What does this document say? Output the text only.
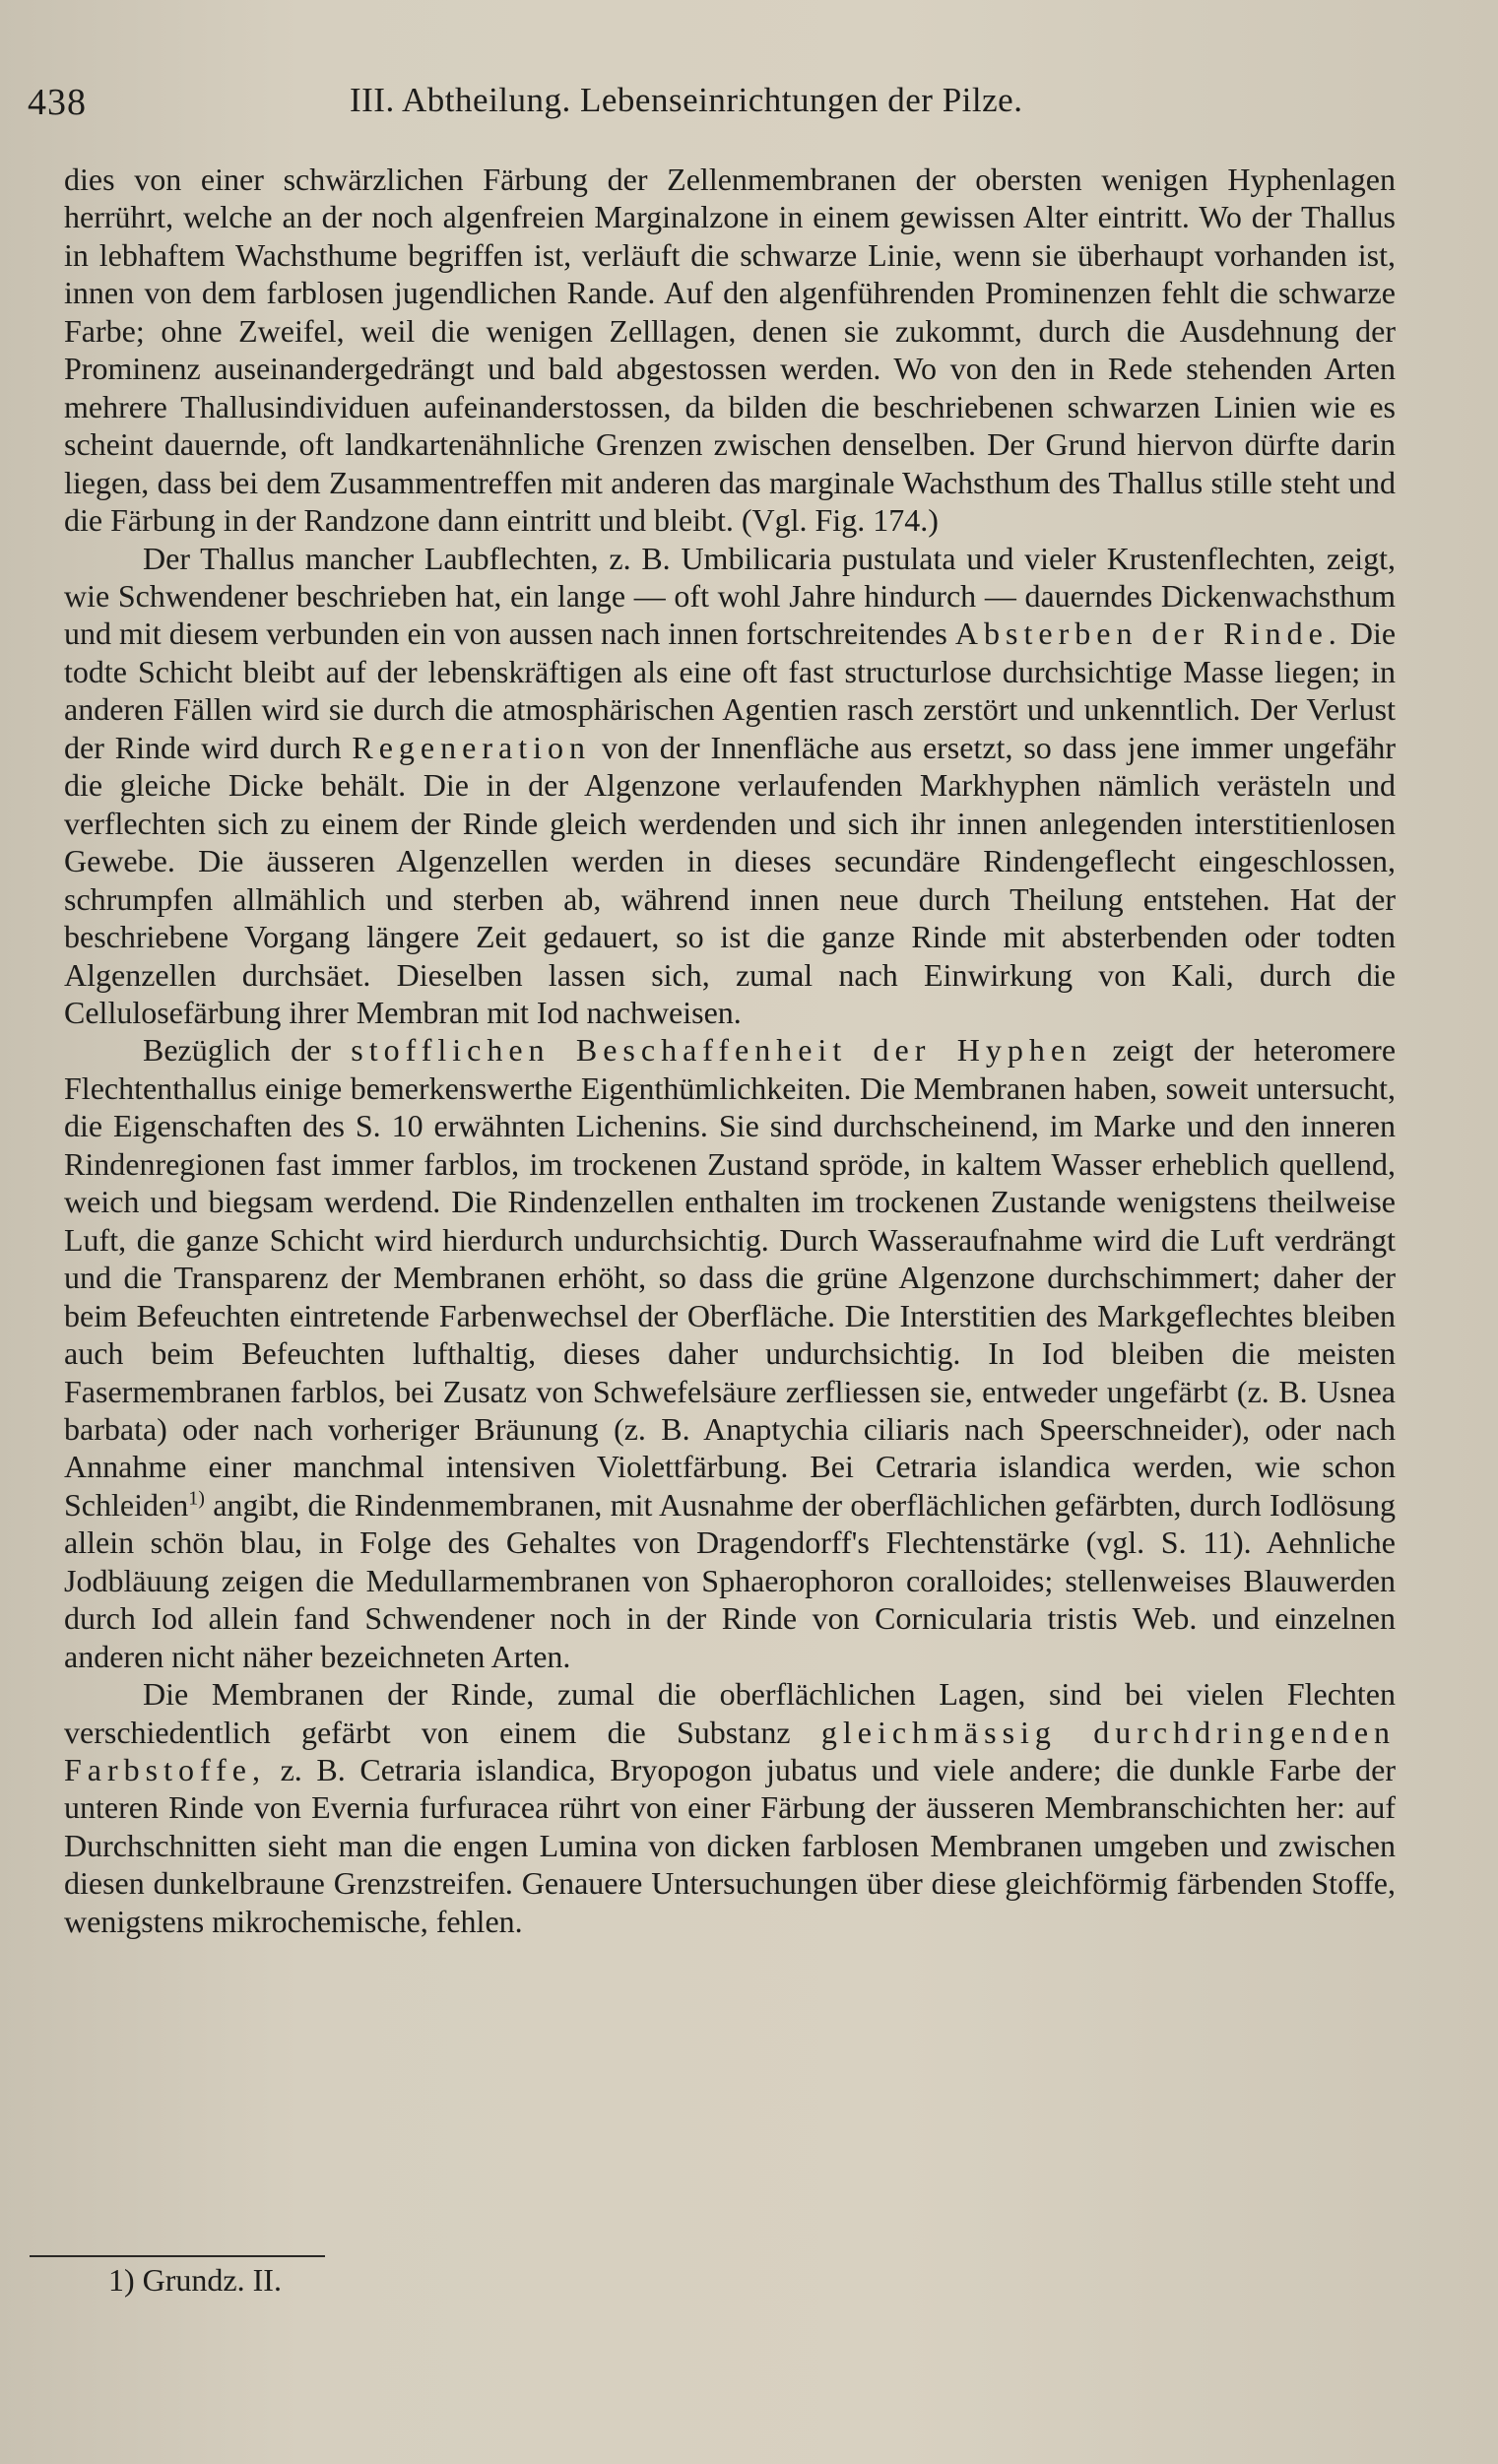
438	III. Abtheilung. Lebenseinrichtungen der Pilze.

dies von einer schwärzlichen Färbung der Zellenmembranen der obersten wenigen Hyphenlagen herrührt, welche an der noch algenfreien Marginalzone in einem gewissen Alter eintritt. Wo der Thallus in lebhaftem Wachsthume begriffen ist, verläuft die schwarze Linie, wenn sie überhaupt vorhanden ist, innen von dem farblosen jugendlichen Rande. Auf den algenführenden Prominenzen fehlt die schwarze Farbe; ohne Zweifel, weil die wenigen Zelllagen, denen sie zukommt, durch die Ausdehnung der Prominenz auseinandergedrängt und bald abgestossen werden. Wo von den in Rede stehenden Arten mehrere Thallusindividuen aufeinanderstossen, da bilden die beschriebenen schwarzen Linien wie es scheint dauernde, oft landkartenähnliche Grenzen zwischen denselben. Der Grund hiervon dürfte darin liegen, dass bei dem Zusammentreffen mit anderen das marginale Wachsthum des Thallus stille steht und die Färbung in der Randzone dann eintritt und bleibt. (Vgl. Fig. 174.)

Der Thallus mancher Laubflechten, z. B. Umbilicaria pustulata und vieler Krustenflechten, zeigt, wie Schwendener beschrieben hat, ein lange — oft wohl Jahre hindurch — dauerndes Dickenwachsthum und mit diesem verbunden ein von aussen nach innen fortschreitendes Absterben der Rinde. Die todte Schicht bleibt auf der lebenskräftigen als eine oft fast structurlose durchsichtige Masse liegen; in anderen Fällen wird sie durch die atmosphärischen Agentien rasch zerstört und unkenntlich. Der Verlust der Rinde wird durch Regeneration von der Innenfläche aus ersetzt, so dass jene immer ungefähr die gleiche Dicke behält. Die in der Algenzone verlaufenden Markhyphen nämlich verästeln und verflechten sich zu einem der Rinde gleich werdenden und sich ihr innen anlegenden interstitienlosen Gewebe. Die äusseren Algenzellen werden in dieses secundäre Rindengeflecht eingeschlossen, schrumpfen allmählich und sterben ab, während innen neue durch Theilung entstehen. Hat der beschriebene Vorgang längere Zeit gedauert, so ist die ganze Rinde mit absterbenden oder todten Algenzellen durchsäet. Dieselben lassen sich, zumal nach Einwirkung von Kali, durch die Cellulosefärbung ihrer Membran mit Iod nachweisen.

Bezüglich der stofflichen Beschaffenheit der Hyphen zeigt der heteromere Flechtenthallus einige bemerkenswerthe Eigenthümlichkeiten. Die Membranen haben, soweit untersucht, die Eigenschaften des S. 10 erwähnten Lichenins. Sie sind durchscheinend, im Marke und den inneren Rindenregionen fast immer farblos, im trockenen Zustand spröde, in kaltem Wasser erheblich quellend, weich und biegsam werdend. Die Rindenzellen enthalten im trockenen Zustande wenigstens theilweise Luft, die ganze Schicht wird hierdurch undurchsichtig. Durch Wasseraufnahme wird die Luft verdrängt und die Transparenz der Membranen erhöht, so dass die grüne Algenzone durchschimmert; daher der beim Befeuchten eintretende Farbenwechsel der Oberfläche. Die Interstitien des Markgeflechtes bleiben auch beim Befeuchten lufthaltig, dieses daher undurchsichtig. In Iod bleiben die meisten Fasermembranen farblos, bei Zusatz von Schwefelsäure zerfliessen sie, entweder ungefärbt (z. B. Usnea barbata) oder nach vorheriger Bräunung (z. B. Anaptychia ciliaris nach Speerschneider), oder nach Annahme einer manchmal intensiven Violettfärbung. Bei Cetraria islandica werden, wie schon Schleiden$^{1)}$ angibt, die Rindenmembranen, mit Ausnahme der oberflächlichen gefärbten, durch Iodlösung allein schön blau, in Folge des Gehaltes von Dragendorff's Flechtenstärke (vgl. S. 11). Aehnliche Jodbläuung zeigen die Medullarmembranen von Sphaerophoron coralloides; stellenweises Blauwerden durch Iod allein fand Schwendener noch in der Rinde von Cornicularia tristis Web. und einzelnen anderen nicht näher bezeichneten Arten.

Die Membranen der Rinde, zumal die oberflächlichen Lagen, sind bei vielen Flechten verschiedentlich gefärbt von einem die Substanz gleichmässig durchdringenden Farbstoffe, z. B. Cetraria islandica, Bryopogon jubatus und viele andere; die dunkle Farbe der unteren Rinde von Evernia furfuracea rührt von einer Färbung der äusseren Membranschichten her: auf Durchschnitten sieht man die engen Lumina von dicken farblosen Membranen umgeben und zwischen diesen dunkelbraune Grenzstreifen. Genauere Untersuchungen über diese gleichförmig färbenden Stoffe, wenigstens mikrochemische, fehlen.

1) Grundz. II.
